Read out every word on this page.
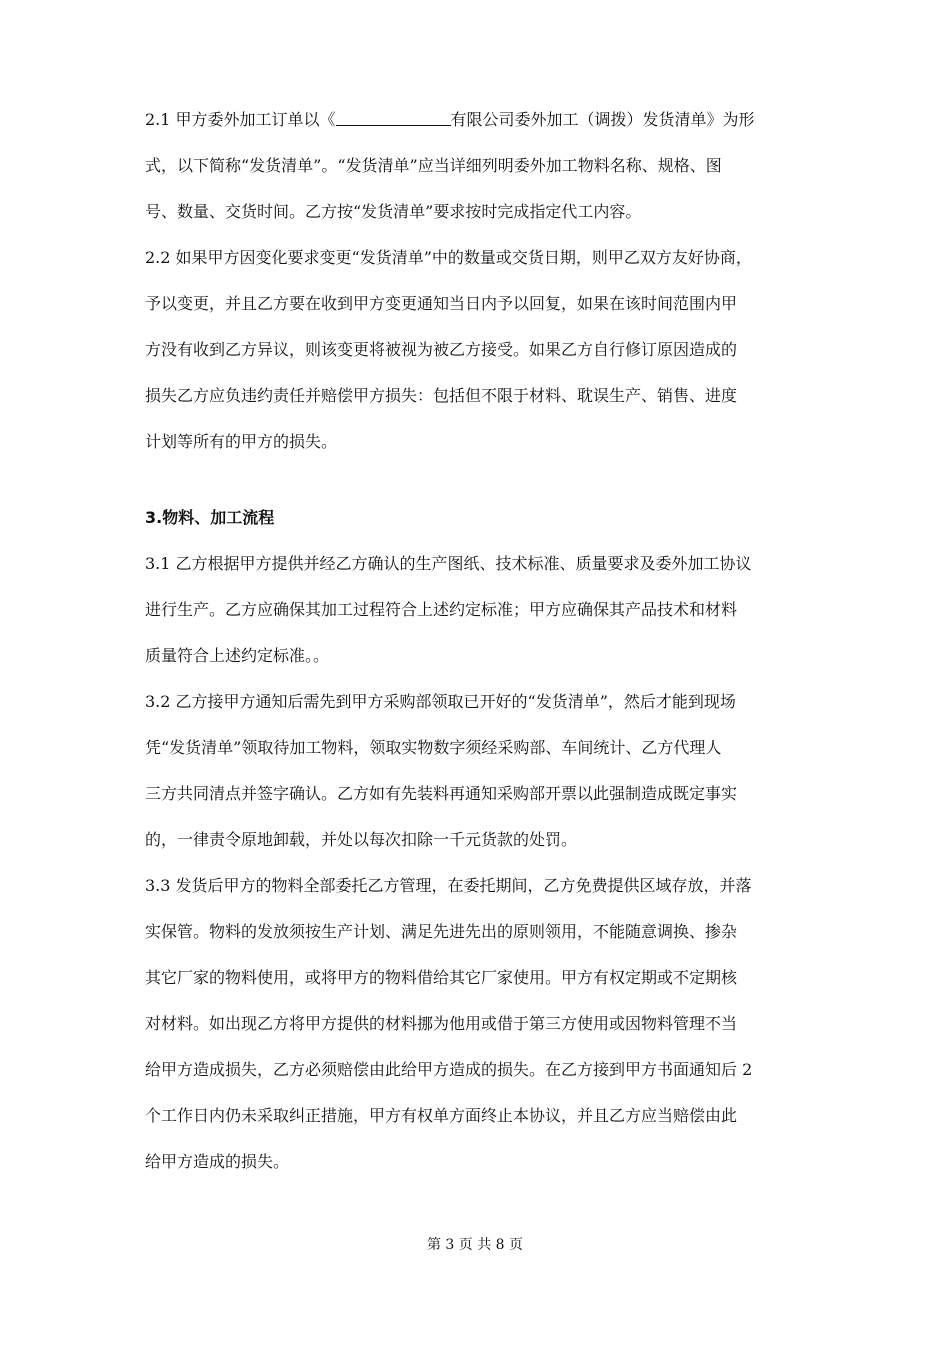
2.1 甲方委外加工订单以《	有限公司委外加工（调拨）发货清单》为形
式，以下简称“发货清单”。“发货清单”应当详细列明委外加工物料名称、规格、图
号、数量、交货时间。乙方按“发货清单”要求按时完成指定代工内容。
2.2 如果甲方因变化要求变更“发货清单”中的数量或交货日期，则甲乙双方友好协商，
予以变更，并且乙方要在收到甲方变更通知当日内予以回复，如果在该时间范围内甲
方没有收到乙方异议，则该变更将被视为被乙方接受。如果乙方自行修订原因造成的
损失乙方应负违约责任并赔偿甲方损失：包括但不限于材料、耽误生产、销售、进度
计划等所有的甲方的损失。
3.物料、加工流程
3.1 乙方根据甲方提供并经乙方确认的生产图纸、技术标准、质量要求及委外加工协议
进行生产。乙方应确保其加工过程符合上述约定标准；甲方应确保其产品技术和材料
质量符合上述约定标准。。
3.2 乙方接甲方通知后需先到甲方采购部领取已开好的“发货清单”，然后才能到现场
凭“发货清单”领取待加工物料，领取实物数字须经采购部、车间统计、乙方代理人
三方共同清点并签字确认。乙方如有先装料再通知采购部开票以此强制造成既定事实
的，一律责令原地卸载，并处以每次扣除一千元货款的处罚。
3.3 发货后甲方的物料全部委托乙方管理，在委托期间，乙方免费提供区域存放，并落
实保管。物料的发放须按生产计划、满足先进先出的原则领用，不能随意调换、掺杂
其它厂家的物料使用，或将甲方的物料借给其它厂家使用。甲方有权定期或不定期核
对材料。如出现乙方将甲方提供的材料挪为他用或借于第三方使用或因物料管理不当
给甲方造成损失，乙方必须赔偿由此给甲方造成的损失。在乙方接到甲方书面通知后 2
个工作日内仍未采取纠正措施，甲方有权单方面终止本协议，并且乙方应当赔偿由此
给甲方造成的损失。
第 3 页 共 8 页
